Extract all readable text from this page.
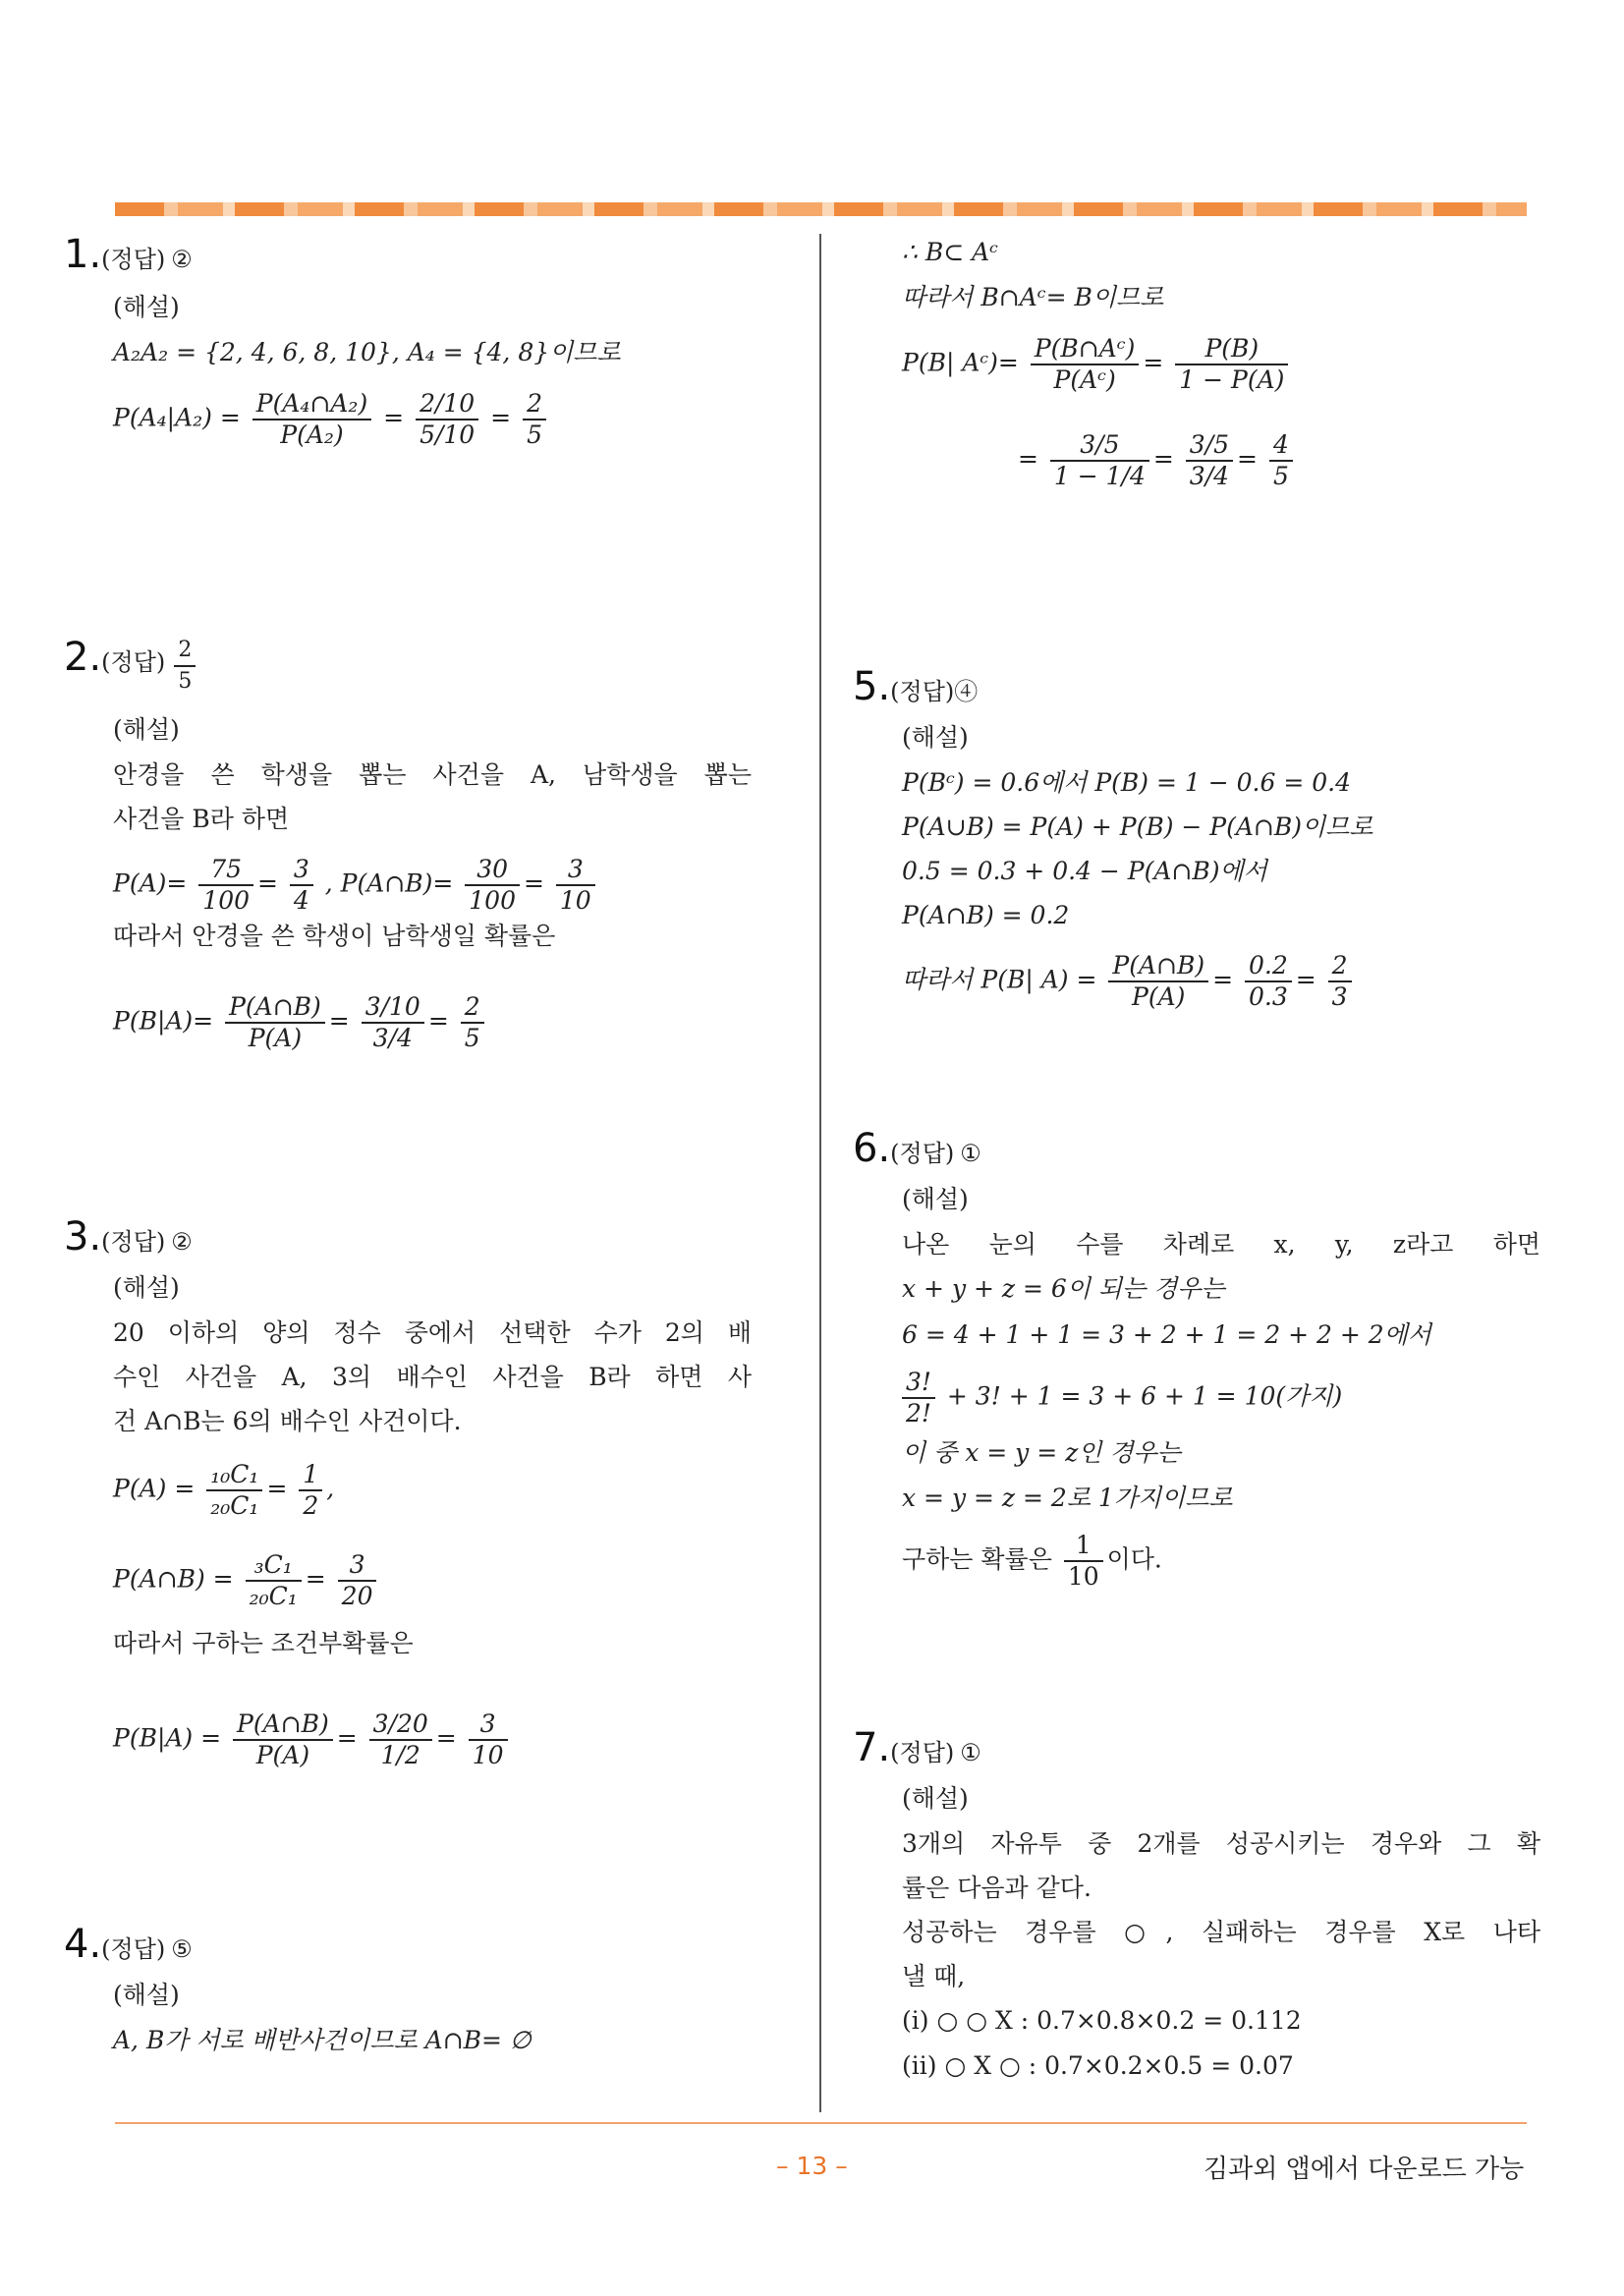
1.(정답) ②
(해설)
A₂A₂ = {2, 4, 6, 8, 10}, A₄ = {4, 8}이므로
$P(A_4|A_2) = \frac{\text{P(A₄∩A₂)}}{\text{P(A₂)}} = \frac{2/10}{5/10} = \frac{2}{5}$
2.(정답) $\frac{2}{5}$
(해설)
안경을 쓴 학생을 뽑는 사건을 A, 남학생을 뽑는
사건을 B라 하면
$P(A)= \frac{75}{100} = \frac{3}{4}$ , P(A∩B)= $\frac{30}{100} = \frac{3}{10}$
따라서 안경을 쓴 학생이 남학생일 확률은
$P(B|A)= \frac{P(A\cap B)}{P(A)} = \frac{3/10}{3/4} = \frac{2}{5}$
3.(정답) ②
(해설)
20 이하의 양의 정수 중에서 선택한 수가 2의 배
수인 사건을 A, 3의 배수인 사건을 B라 하면 사
건 A∩B는 6의 배수인 사건이다.
$P(A) = \frac{\text{₁₀C₁}}{\text{₂₀C₁}} = \frac{1}{2}$ ,
P(A∩B) = $\frac{\text{₃C₁}}{\text{₂₀C₁}} = \frac{3}{20}$
따라서 구하는 조건부확률은
$P(B|A) = \frac{P(A\cap B)}{P(A)} = \frac{3/20}{1/2} = \frac{3}{10}$
4.(정답) ⑤
(해설)
A, B가 서로 배반사건이므로 A∩B= ∅
∴ B⊂ Aᶜ
따라서 B∩Aᶜ= B이므로
P(B| Aᶜ)= $\frac{\text{P(B∩Aᶜ)}}{\text{P(Aᶜ)}} = \frac{P(B)}{1 - P(A)}$
= $\frac{3/5}{1 - 1/4} = \frac{3/5}{3/4} = \frac{4}{5}$
5.(정답)④
(해설)
P(Bᶜ) = 0.6에서 P(B) = 1 − 0.6 = 0.4
P(A∪B) = P(A) + P(B) − P(A∩B)이므로
0.5 = 0.3 + 0.4 − P(A∩B)에서
P(A∩B) = 0.2
따라서 P(B| $A) = \frac{P(A\cap B)}{P(A)} = \frac{0.2}{0.3} = \frac{2}{3}$
6.(정답) ①
(해설)
나온 눈의 수를 차례로 x, y, z라고 하면
x + y + z = 6이 되는 경우는
6 = 4 + 1 + 1 = 3 + 2 + 1 = 2 + 2 + 2에서
$\frac{3!}{2!} + 3$! + 1 = 3 + 6 + 1 = 10(가지)
이 중 x = y = z인 경우는
x = y = z = 2로 1가지이므로
구하는 확률은 $\frac{1}{10}$ 이다.
7.(정답) ①
(해설)
3개의 자유투 중 2개를 성공시키는 경우와 그 확
률은 다음과 같다.
성공하는 경우를 ○, 실패하는 경우를 X로 나타
낼 때,
(i) ○ ○ X : 0.7×0.8×0.2 = 0.112
(ii) ○ X ○ : 0.7×0.2×0.5 = 0.07
– 13 –	김과외 앱에서 다운로드 가능
